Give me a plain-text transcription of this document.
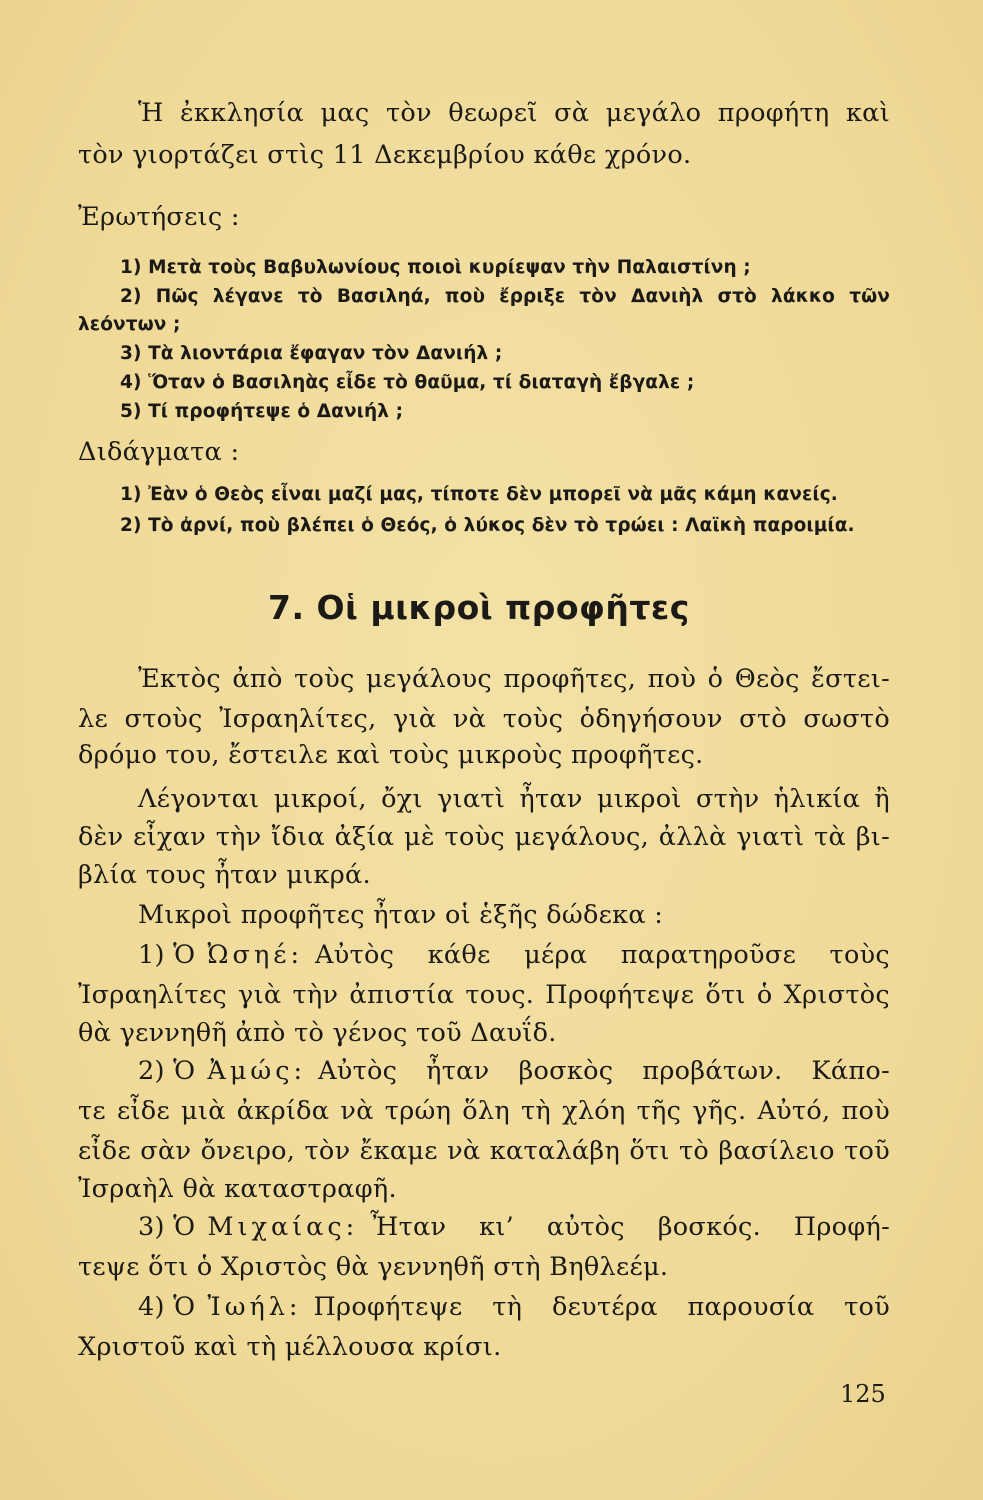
Ἡ ἐκκλησία μας τὸν θεωρεῖ σὰ μεγάλο προφήτη καὶ

τὸν γιορτάζει στὶς 11 Δεκεμβρίου κάθε χρόνο.

Ἐρωτήσεις :

1) Μετὰ τοὺς Βαβυλωνίους ποιοὶ κυρίεψαν τὴν Παλαιστίνη ;

2) Πῶς λέγανε τὸ Βασιληά, ποὺ ἔρριξε τὸν Δανιὴλ στὸ λάκκο τῶν

λεόντων ;

3) Τὰ λιοντάρια ἔφαγαν τὸν Δανιήλ ;

4) Ὅταν ὁ Βασιληὰς εἶδε τὸ θαῦμα, τί διαταγὴ ἔβγαλε ;

5) Τί προφήτεψε ὁ Δανιήλ ;

Διδάγματα :

1) Ἐὰν ὁ Θεὸς εἶναι μαζί μας, τίποτε δὲν μπορεῖ νὰ μᾶς κάμη κανείς.

2) Τὸ ἀρνί, ποὺ βλέπει ὁ Θεός, ὁ λύκος δὲν τὸ τρώει : Λαϊκὴ παροιμία.

7. Οἱ μικροὶ προφῆτες

Ἐκτὸς ἀπὸ τοὺς μεγάλους προφῆτες, ποὺ ὁ Θεὸς ἔστει-

λε στοὺς Ἰσραηλίτες, γιὰ νὰ τοὺς ὁδηγήσουν στὸ σωστὸ

δρόμο του, ἔστειλε καὶ τοὺς μικροὺς προφῆτες.

Λέγονται μικροί, ὄχι γιατὶ ἦταν μικροὶ στὴν ἡλικία ἢ

δὲν εἶχαν τὴν ἴδια ἀξία μὲ τοὺς μεγάλους, ἀλλὰ γιατὶ τὰ βι-

βλία τους ἦταν μικρά.

Μικροὶ προφῆτες ἦταν οἱ ἑξῆς δώδεκα :

1) Ὁ Ὠσηέ: Αὐτὸς κάθε μέρα παρατηροῦσε τοὺς

Ἰσραηλίτες γιὰ τὴν ἀπιστία τους. Προφήτεψε ὅτι ὁ Χριστὸς

θὰ γεννηθῆ ἀπὸ τὸ γένος τοῦ Δαυΐδ.

2) Ὁ Ἀμώς: Αὐτὸς ἦταν βοσκὸς προβάτων. Κάπο-

τε εἶδε μιὰ ἀκρίδα νὰ τρώη ὅλη τὴ χλόη τῆς γῆς. Αὐτό, ποὺ

εἶδε σὰν ὄνειρο, τὸν ἔκαμε νὰ καταλάβη ὅτι τὸ βασίλειο τοῦ

Ἰσραὴλ θὰ καταστραφῆ.

3) Ὁ Μιχαίας: Ἦταν κι’ αὐτὸς βοσκός. Προφή-

τεψε ὅτι ὁ Χριστὸς θὰ γεννηθῆ στὴ Βηθλεέμ.

4) Ὁ Ἰωήλ: Προφήτεψε τὴ δευτέρα παρουσία τοῦ

Χριστοῦ καὶ τὴ μέλλουσα κρίσι.

125
